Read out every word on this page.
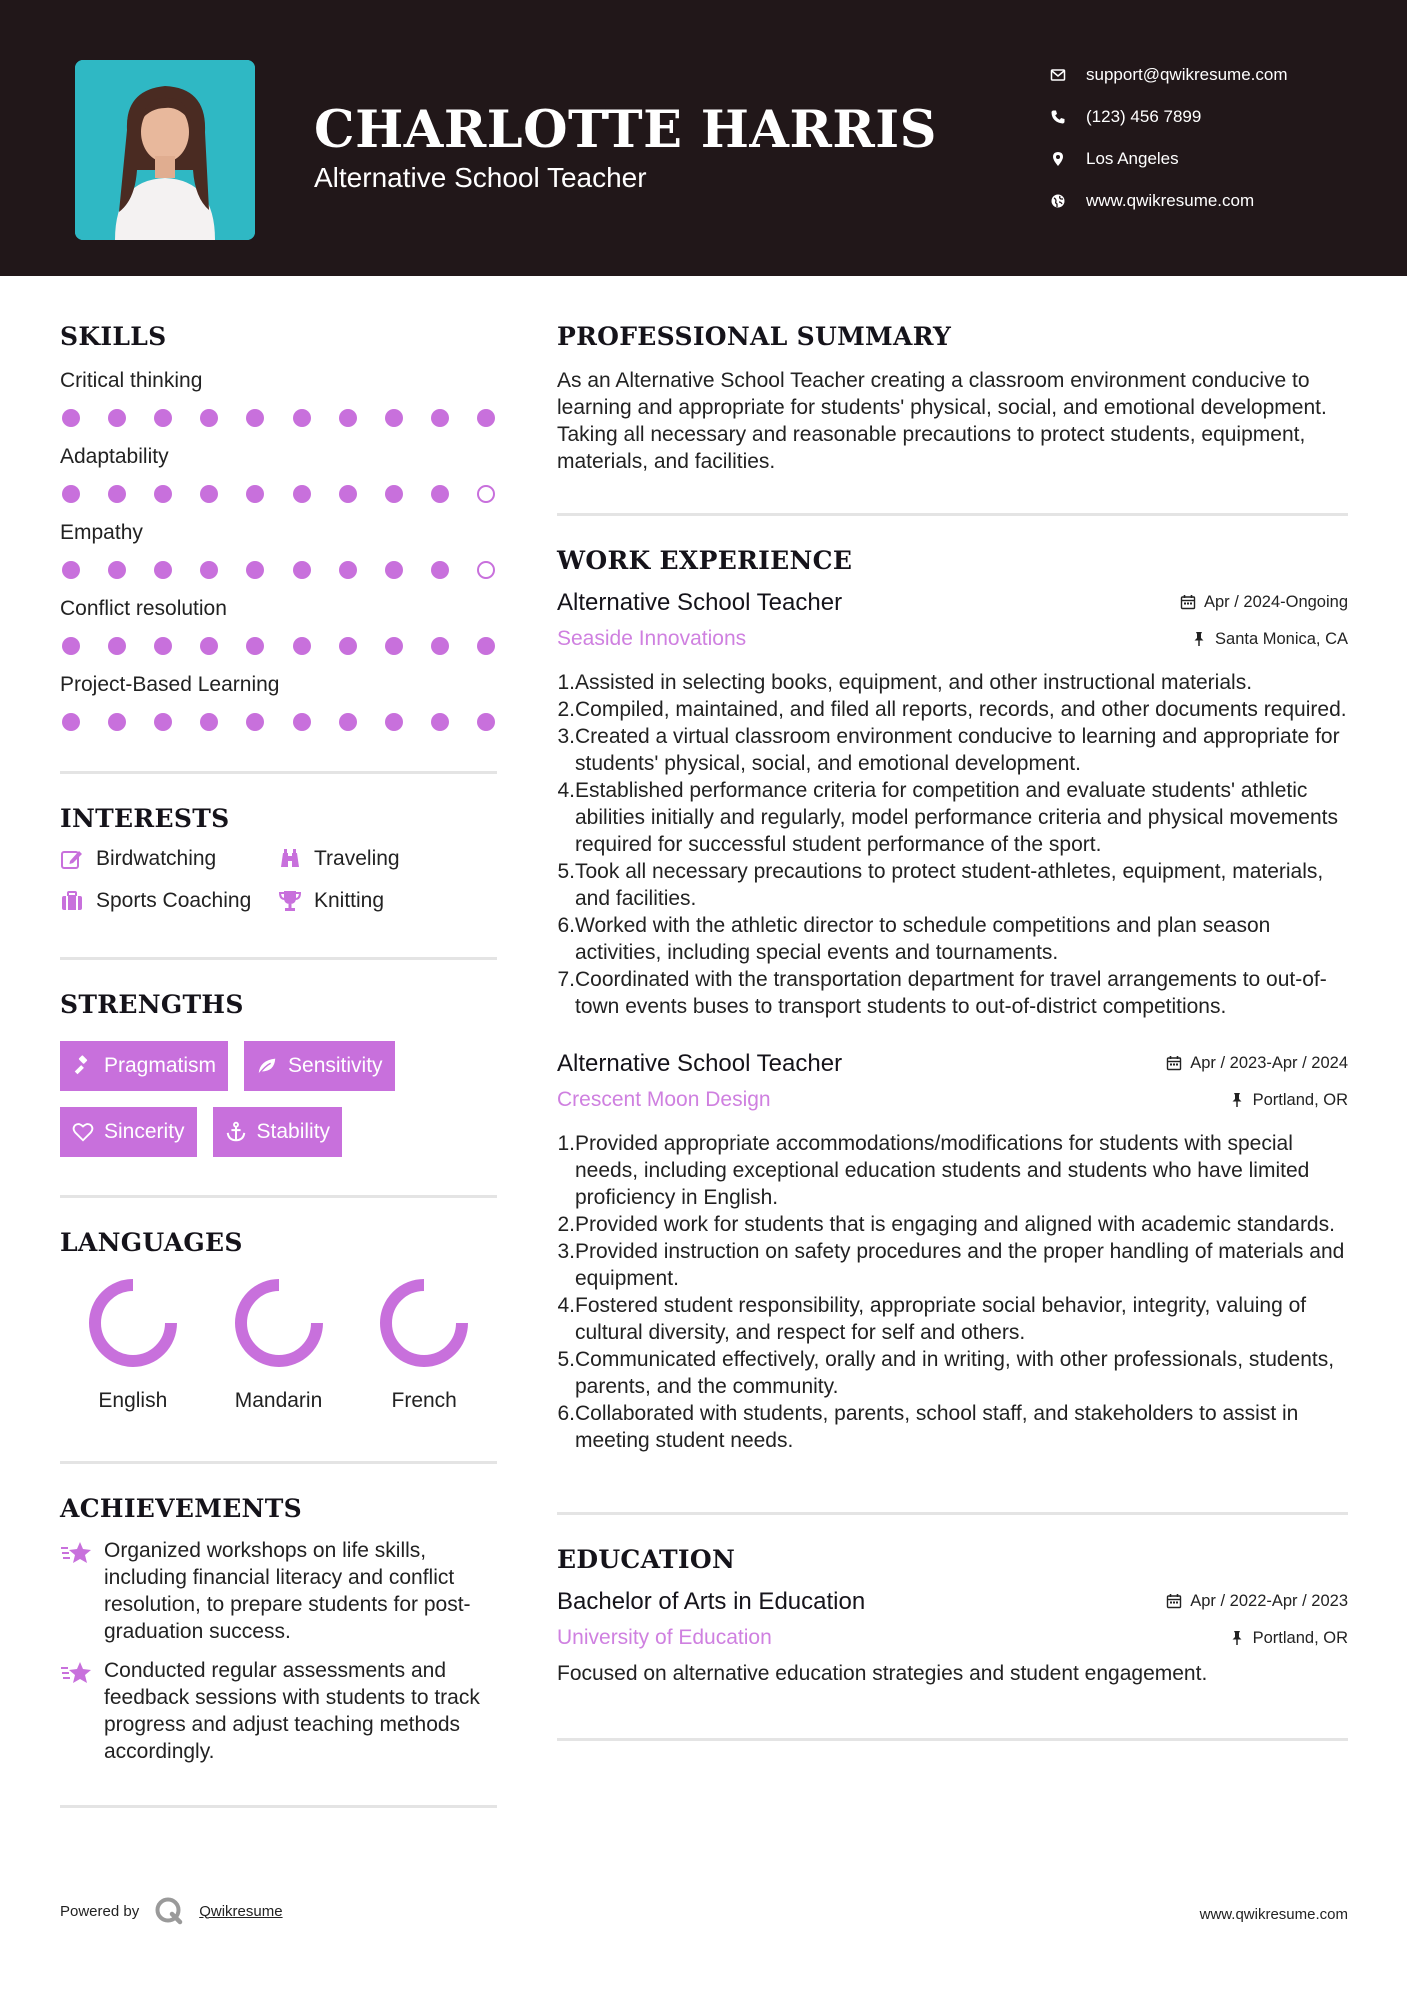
CHARLOTTE HARRIS
Alternative School Teacher
support@qwikresume.com
(123) 456 7899
Los Angeles
www.qwikresume.com
SKILLS
Critical thinking
Adaptability
Empathy
Conflict resolution
Project-Based Learning
INTERESTS
Birdwatching	Traveling
Sports Coaching	Knitting
STRENGTHS
Pragmatism	Sensitivity
Sincerity	Stability
LANGUAGES
English	Mandarin	French
ACHIEVEMENTS
Organized workshops on life skills, including financial literacy and conflict resolution, to prepare students for post-graduation success.
Conducted regular assessments and feedback sessions with students to track progress and adjust teaching methods accordingly.
PROFESSIONAL SUMMARY
As an Alternative School Teacher creating a classroom environment conducive to learning and appropriate for students' physical, social, and emotional development. Taking all necessary and reasonable precautions to protect students, equipment, materials, and facilities.
WORK EXPERIENCE
Alternative School Teacher	Apr / 2024-Ongoing
Seaside Innovations	Santa Monica, CA
1. Assisted in selecting books, equipment, and other instructional materials.
2. Compiled, maintained, and filed all reports, records, and other documents required.
3. Created a virtual classroom environment conducive to learning and appropriate for students' physical, social, and emotional development.
4. Established performance criteria for competition and evaluate students' athletic abilities initially and regularly, model performance criteria and physical movements required for successful student performance of the sport.
5. Took all necessary precautions to protect student-athletes, equipment, materials, and facilities.
6. Worked with the athletic director to schedule competitions and plan season activities, including special events and tournaments.
7. Coordinated with the transportation department for travel arrangements to out-of-town events buses to transport students to out-of-district competitions.
Alternative School Teacher	Apr / 2023-Apr / 2024
Crescent Moon Design	Portland, OR
1. Provided appropriate accommodations/modifications for students with special needs, including exceptional education students and students who have limited proficiency in English.
2. Provided work for students that is engaging and aligned with academic standards.
3. Provided instruction on safety procedures and the proper handling of materials and equipment.
4. Fostered student responsibility, appropriate social behavior, integrity, valuing of cultural diversity, and respect for self and others.
5. Communicated effectively, orally and in writing, with other professionals, students, parents, and the community.
6. Collaborated with students, parents, school staff, and stakeholders to assist in meeting student needs.
EDUCATION
Bachelor of Arts in Education	Apr / 2022-Apr / 2023
University of Education	Portland, OR
Focused on alternative education strategies and student engagement.
Powered by	Qwikresume	www.qwikresume.com
